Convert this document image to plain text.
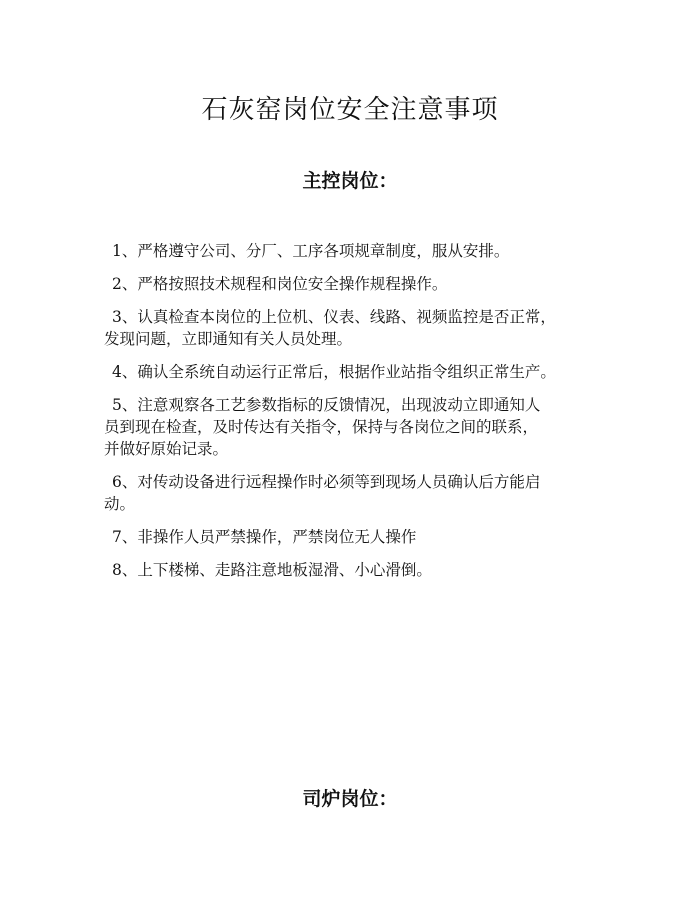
石灰窑岗位安全注意事项
主控岗位：
1、严格遵守公司、分厂、工序各项规章制度，服从安排。
2、严格按照技术规程和岗位安全操作规程操作。
3、认真检查本岗位的上位机、仪表、线路、视频监控是否正常，
发现问题，立即通知有关人员处理。
4、确认全系统自动运行正常后，根据作业站指令组织正常生产。
5、注意观察各工艺参数指标的反馈情况，出现波动立即通知人
员到现在检查，及时传达有关指令，保持与各岗位之间的联系，
并做好原始记录。
6、对传动设备进行远程操作时必须等到现场人员确认后方能启
动。
7、非操作人员严禁操作，严禁岗位无人操作
8、上下楼梯、走路注意地板湿滑、小心滑倒。
司炉岗位：
